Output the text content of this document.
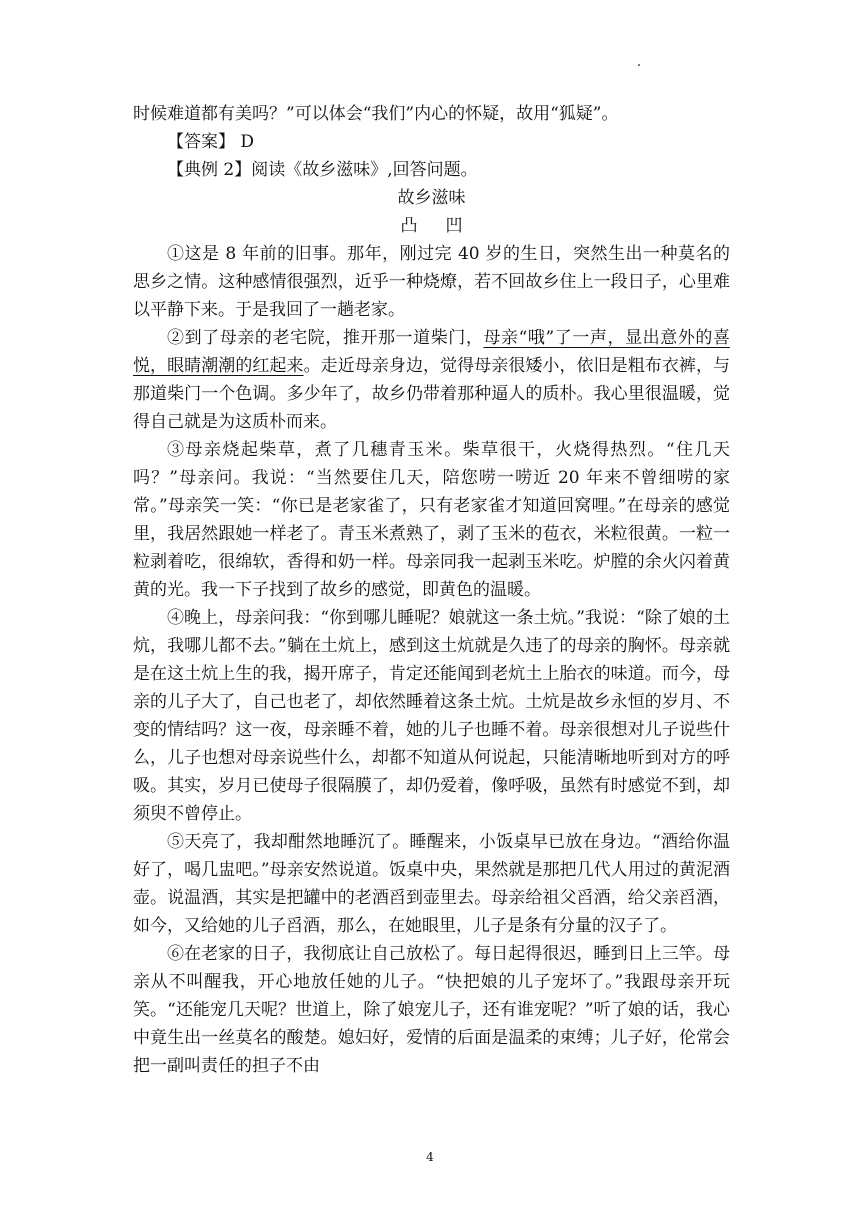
时候难道都有美吗？”可以体会“我们”内心的怀疑，故用“狐疑”。

【答案】 D

【典例 2】阅读《故乡滋味》,回答问题。

故乡滋味

凸凹

①这是 8 年前的旧事。那年，刚过完 40 岁的生日，突然生出一种莫名的思乡之情。这种感情很强烈，近乎一种烧燎，若不回故乡住上一段日子，心里难以平静下来。于是我回了一趟老家。

②到了母亲的老宅院，推开那一道柴门，母亲“哦”了一声，显出意外的喜悦，眼睛潮潮的红起来。走近母亲身边，觉得母亲很矮小，依旧是粗布衣裤，与那道柴门一个色调。多少年了，故乡仍带着那种逼人的质朴。我心里很温暖，觉得自己就是为这质朴而来。

③母亲烧起柴草，煮了几穗青玉米。柴草很干，火烧得热烈。“住几天吗？”母亲问。我说：“当然要住几天，陪您唠一唠近 20 年来不曾细唠的家常。”母亲笑一笑：“你已是老家雀了，只有老家雀才知道回窝哩。”在母亲的感觉里，我居然跟她一样老了。青玉米煮熟了，剥了玉米的苞衣，米粒很黄。一粒一粒剥着吃，很绵软，香得和奶一样。母亲同我一起剥玉米吃。炉膛的余火闪着黄黄的光。我一下子找到了故乡的感觉，即黄色的温暖。

④晚上，母亲问我：“你到哪儿睡呢？娘就这一条土炕。”我说：“除了娘的土炕，我哪儿都不去。”躺在土炕上，感到这土炕就是久违了的母亲的胸怀。母亲就是在这土炕上生的我，揭开席子，肯定还能闻到老炕土上胎衣的味道。而今，母亲的儿子大了，自己也老了，却依然睡着这条土炕。土炕是故乡永恒的岁月、不变的情结吗？这一夜，母亲睡不着，她的儿子也睡不着。母亲很想对儿子说些什么，儿子也想对母亲说些什么，却都不知道从何说起，只能清晰地听到对方的呼吸。其实，岁月已使母子很隔膜了，却仍爱着，像呼吸，虽然有时感觉不到，却须臾不曾停止。

⑤天亮了，我却酣然地睡沉了。睡醒来，小饭桌早已放在身边。“酒给你温好了，喝几盅吧。”母亲安然说道。饭桌中央，果然就是那把几代人用过的黄泥酒壶。说温酒，其实是把罐中的老酒舀到壶里去。母亲给祖父舀酒，给父亲舀酒，如今，又给她的儿子舀酒，那么，在她眼里，儿子是条有分量的汉子了。

⑥在老家的日子，我彻底让自己放松了。每日起得很迟，睡到日上三竿。母亲从不叫醒我，开心地放任她的儿子。“快把娘的儿子宠坏了。”我跟母亲开玩笑。“还能宠几天呢？世道上，除了娘宠儿子，还有谁宠呢？”听了娘的话，我心中竟生出一丝莫名的酸楚。媳妇好，爱情的后面是温柔的束缚；儿子好，伦常会把一副叫责任的担子不由

4
